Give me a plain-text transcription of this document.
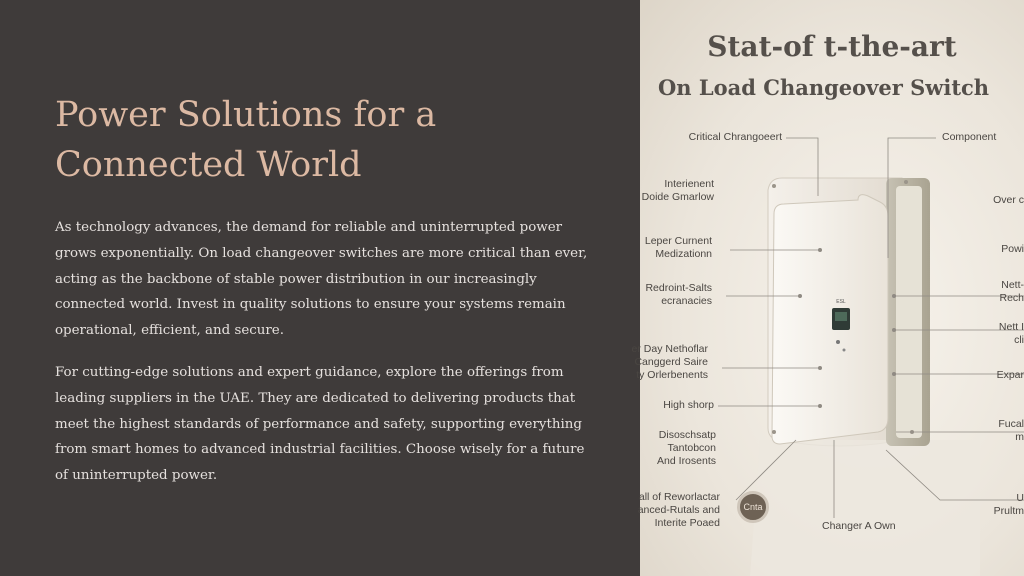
Power Solutions for a
Connected World

As technology advances, the demand for reliable and uninterrupted power grows exponentially. On load changeover switches are more critical than ever, acting as the backbone of stable power distribution in our increasingly connected world. Invest in quality solutions to ensure your systems remain operational, efficient, and secure.

For cutting-edge solutions and expert guidance, explore the offerings from leading suppliers in the UAE. They are dedicated to delivering products that meet the highest standards of performance and safety, supporting everything from smart homes to advanced industrial facilities. Choose wisely for a future of uninterrupted power.

ESL
Stat-of t-the-art
On Load Changeover Switch
Critical Chrangoeert
Interienent
Doide Gmarlow
Leper Curnent
Medizationn
Redroint-Salts
ecranacies
er Day Nethoflar
Canggerd Saire
ty Orlerbenents
High shorp
Disoschsatp
Tantobcon
And Irosents
all of Reworlactar
anced-Rutals and
Interite Poaed
Component
Over c
Powi
Nett-
Rech
Nett I
cli
Expar
Fucal
m
U
Prultm
Changer A Own
Cnta
